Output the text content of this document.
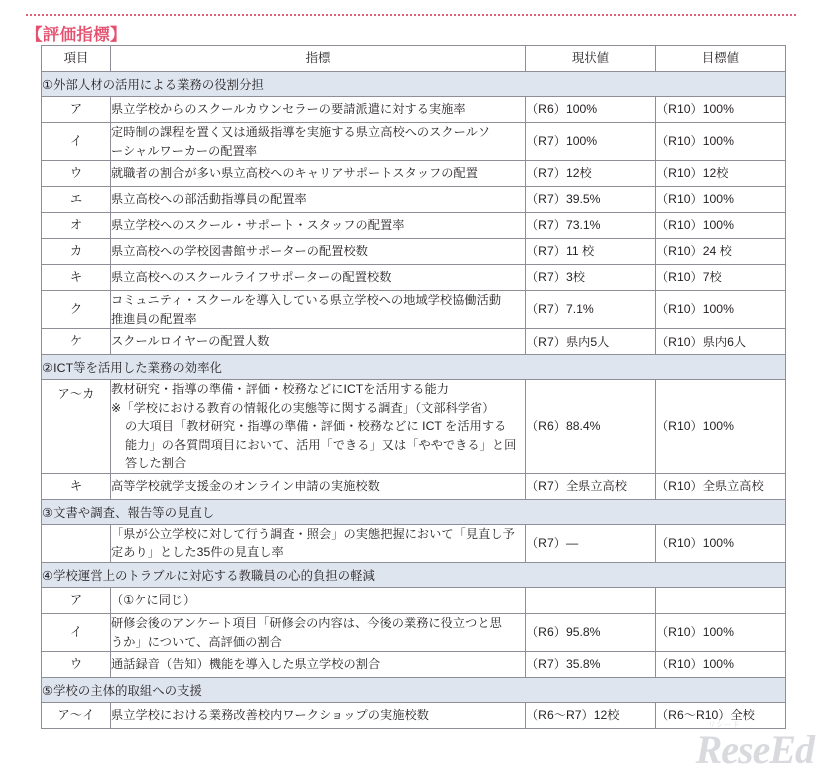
【評価指標】
項目	指標	現状値	目標値
①外部人材の活用による業務の役割分担			
ア	県立学校からのスクールカウンセラーの要請派遣に対する実施率	（R6）100%	（R10）100%
イ	定時制の課程を置く又は通級指導を実施する県立高校へのスクールソ
ーシャルワーカーの配置率	（R7）100%	（R10）100%
ウ	就職者の割合が多い県立高校へのキャリアサポートスタッフの配置	（R7）12校	（R10）12校
エ	県立高校への部活動指導員の配置率	（R7）39.5%	（R10）100%
オ	県立学校へのスクール・サポート・スタッフの配置率	（R7）73.1%	（R10）100%
カ	県立高校への学校図書館サポーターの配置校数	（R7）11 校	（R10）24 校
キ	県立高校へのスクールライフサポーターの配置校数	（R7）3校	（R10）7校
ク	コミュニティ・スクールを導入している県立学校への地域学校協働活動
推進員の配置率	（R7）7.1%	（R10）100%
ケ	スクールロイヤーの配置人数	（R7）県内5人	（R10）県内6人
②ICT等を活用した業務の効率化			
ア～カ	教材研究・指導の準備・評価・校務などにICTを活用する能力
※「学校における教育の情報化の実態等に関する調査」（文部科学省）
の大項目「教材研究・指導の準備・評価・校務などに ICT を活用する
能力」の各質問項目において、活用「できる」又は「ややできる」と回
答した割合	（R6）88.4%	（R10）100%
キ	高等学校就学支援金のオンライン申請の実施校数	（R7）全県立高校	（R10）全県立高校
③文書や調査、報告等の見直し			

	「県が公立学校に対して行う調査・照会」の実態把握において「見直し予
定あり」とした35件の見直し率	（R7）—	（R10）100%
④学校運営上のトラブルに対応する教職員の心的負担の軽減			
ア	（①ケに同じ）		

イ	研修会後のアンケート項目「研修会の内容は、今後の業務に役立つと思
うか」について、高評価の割合	（R6）95.8%	（R10）100%
ウ	通話録音（告知）機能を導入した県立学校の割合	（R7）35.8%	（R10）100%
⑤学校の主体的取組への支援			
ア～イ	県立学校における業務改善校内ワークショップの実施校数	（R6～R7）12校	（R6～R10）全校
リシード
ReseEd
